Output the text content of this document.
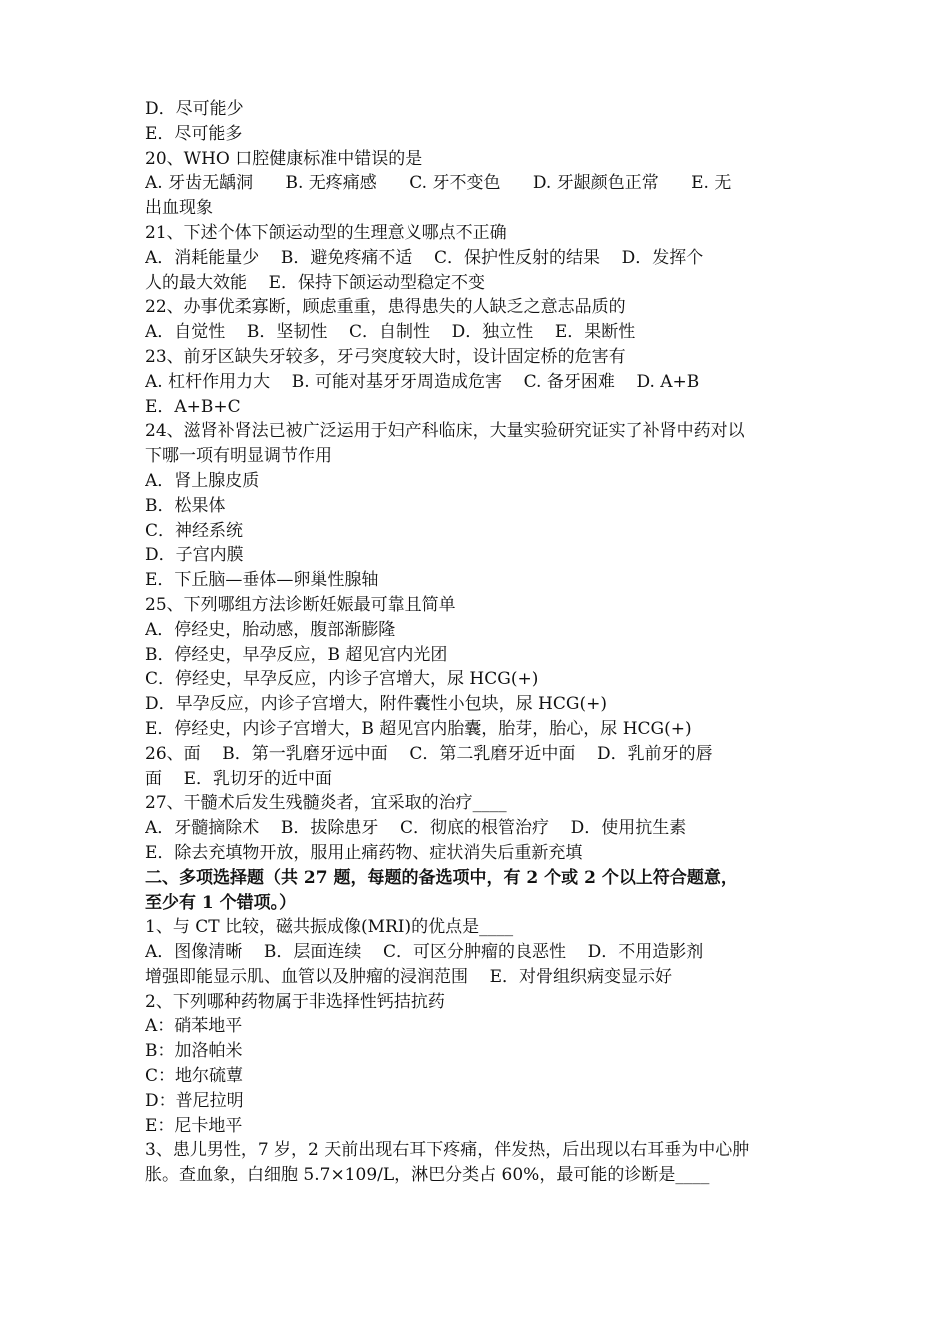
D．尽可能少
E．尽可能多
20、WHO 口腔健康标准中错误的是
A. 牙齿无龋洞      B. 无疼痛感      C. 牙不变色      D. 牙龈颜色正常      E. 无
出血现象
21、下述个体下颌运动型的生理意义哪点不正确
A．消耗能量少    B．避免疼痛不适    C．保护性反射的结果    D．发挥个
人的最大效能    E．保持下颌运动型稳定不变
22、办事优柔寡断，顾虑重重，患得患失的人缺乏之意志品质的
A．自觉性    B．坚韧性    C．自制性    D．独立性    E．果断性
23、前牙区缺失牙较多，牙弓突度较大时，设计固定桥的危害有
A. 杠杆作用力大    B. 可能对基牙牙周造成危害    C. 备牙困难    D. A+B
E．A+B+C
24、滋肾补肾法已被广泛运用于妇产科临床，大量实验研究证实了补肾中药对以
下哪一项有明显调节作用
A．肾上腺皮质
B．松果体
C．神经系统
D．子宫内膜
E．下丘脑—垂体—卵巢性腺轴
25、下列哪组方法诊断妊娠最可靠且简单
A．停经史，胎动感，腹部渐膨隆
B．停经史，早孕反应，B 超见宫内光团
C．停经史，早孕反应，内诊子宫增大，尿 HCG(+)
D．早孕反应，内诊子宫增大，附件囊性小包块，尿 HCG(+)
E．停经史，内诊子宫增大，B 超见宫内胎囊，胎芽，胎心，尿 HCG(+)
26、面    B．第一乳磨牙远中面    C．第二乳磨牙近中面    D．乳前牙的唇
面    E．乳切牙的近中面
27、干髓术后发生残髓炎者，宜采取的治疗____
A．牙髓摘除术    B．拔除患牙    C．彻底的根管治疗    D．使用抗生素
E．除去充填物开放，服用止痛药物、症状消失后重新充填
二、多项选择题（共 27 题，每题的备选项中，有 2 个或 2 个以上符合题意，
至少有 1 个错项。）
1、与 CT 比较，磁共振成像(MRI)的优点是____
A．图像清晰    B．层面连续    C．可区分肿瘤的良恶性    D．不用造影剂
增强即能显示肌、血管以及肿瘤的浸润范围    E．对骨组织病变显示好
2、下列哪种药物属于非选择性钙拮抗药
A：硝苯地平
B：加洛帕米
C：地尔硫蕈
D：普尼拉明
E：尼卡地平
3、患儿男性，7 岁，2 天前出现右耳下疼痛，伴发热，后出现以右耳垂为中心肿
胀。查血象，白细胞 5.7×109/L，淋巴分类占 60%，最可能的诊断是____
